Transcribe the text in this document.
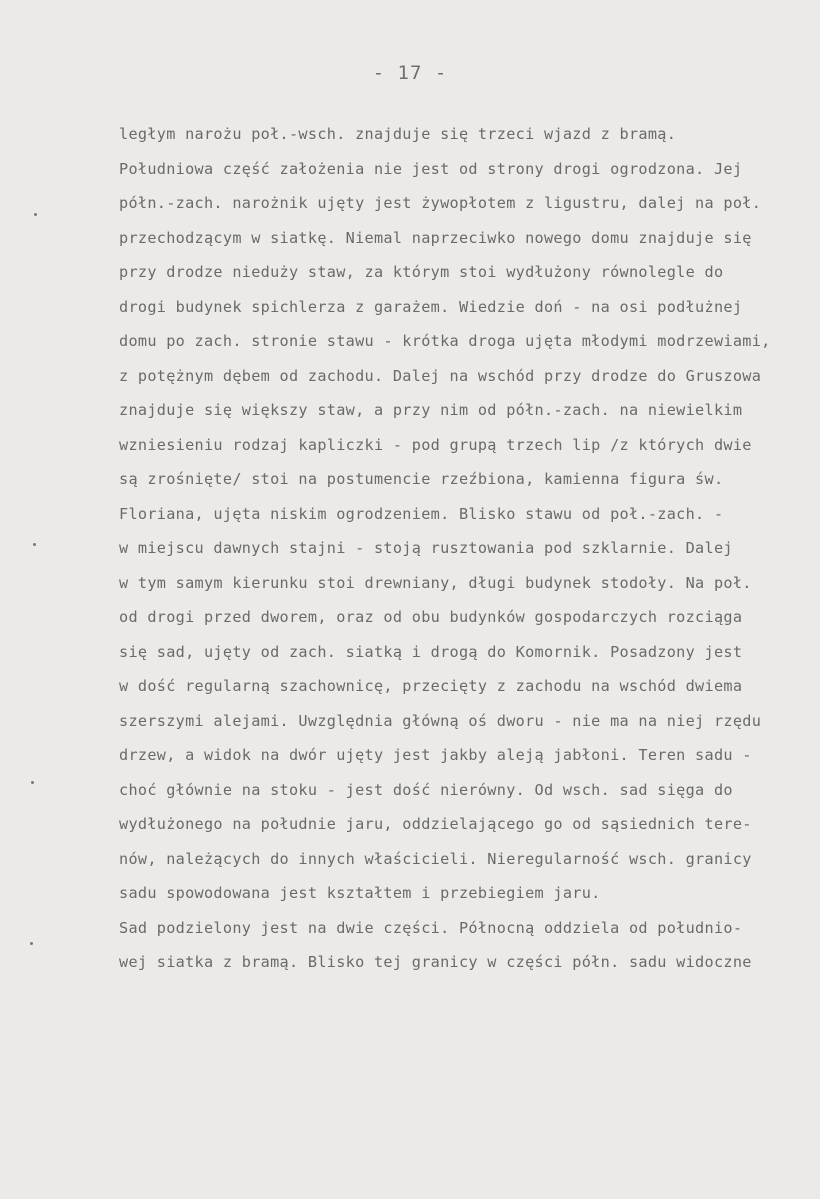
- 17 -
ległym narożu poł.-wsch. znajduje się trzeci wjazd z bramą.
Południowa część założenia nie jest od strony drogi ogrodzona. Jej
półn.-zach. narożnik ujęty jest żywopłotem z ligustru, dalej na poł.
przechodzącym w siatkę. Niemal naprzeciwko nowego domu znajduje się
przy drodze nieduży staw, za którym stoi wydłużony równolegle do
drogi budynek spichlerza z garażem. Wiedzie doń - na osi podłużnej
domu po zach. stronie stawu - krótka droga ujęta młodymi modrzewiami,
z potężnym dębem od zachodu. Dalej na wschód przy drodze do Gruszowa
znajduje się większy staw, a przy nim od półn.-zach. na niewielkim
wzniesieniu rodzaj kapliczki - pod grupą trzech lip /z których dwie
są zrośnięte/ stoi na postumencie rzeźbiona, kamienna figura św.
Floriana, ujęta niskim ogrodzeniem. Blisko stawu od poł.-zach. -
w miejscu dawnych stajni - stoją rusztowania pod szklarnie. Dalej
w tym samym kierunku stoi drewniany, długi budynek stodoły. Na poł.
od drogi przed dworem, oraz od obu budynków gospodarczych rozciąga
się sad, ujęty od zach. siatką i drogą do Komornik. Posadzony jest
w dość regularną szachownicę, przecięty z zachodu na wschód dwiema
szerszymi alejami. Uwzględnia główną oś dworu - nie ma na niej rzędu
drzew, a widok na dwór ujęty jest jakby aleją jabłoni. Teren sadu -
choć głównie na stoku - jest dość nierówny. Od wsch. sad sięga do
wydłużonego na południe jaru, oddzielającego go od sąsiednich tere-
nów, należących do innych właścicieli. Nieregularność wsch. granicy
sadu spowodowana jest kształtem i przebiegiem jaru.
Sad podzielony jest na dwie części. Północną oddziela od południo-
wej siatka z bramą. Blisko tej granicy w części półn. sadu widoczne
